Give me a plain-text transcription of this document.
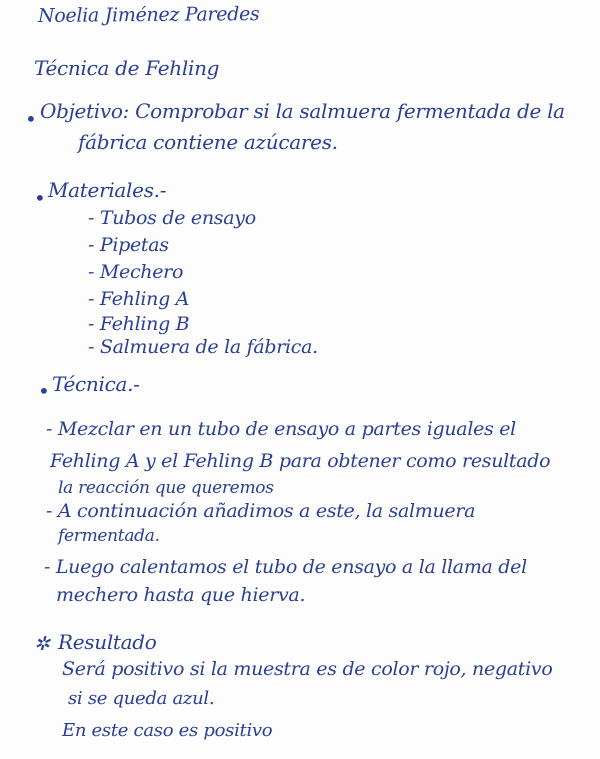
Noelia Jiménez Paredes
Técnica de Fehling
• Objetivo: Comprobar si la salmuera fermentada de la
fábrica contiene azúcares.
• Materiales.-
- Tubos de ensayo
- Pipetas
- Mechero
- Fehling A
- Fehling B
- Salmuera de la fábrica.
• Técnica.-
- Mezclar en un tubo de ensayo a partes iguales el
Fehling A y el Fehling B para obtener como resultado
la reacción que queremos
- A continuación añadimos a este, la salmuera
fermentada.
- Luego calentamos el tubo de ensayo a la llama del
mechero hasta que hierva.
✲ Resultado
Será positivo si la muestra es de color rojo, negativo
si se queda azul.
En este caso es positivo
